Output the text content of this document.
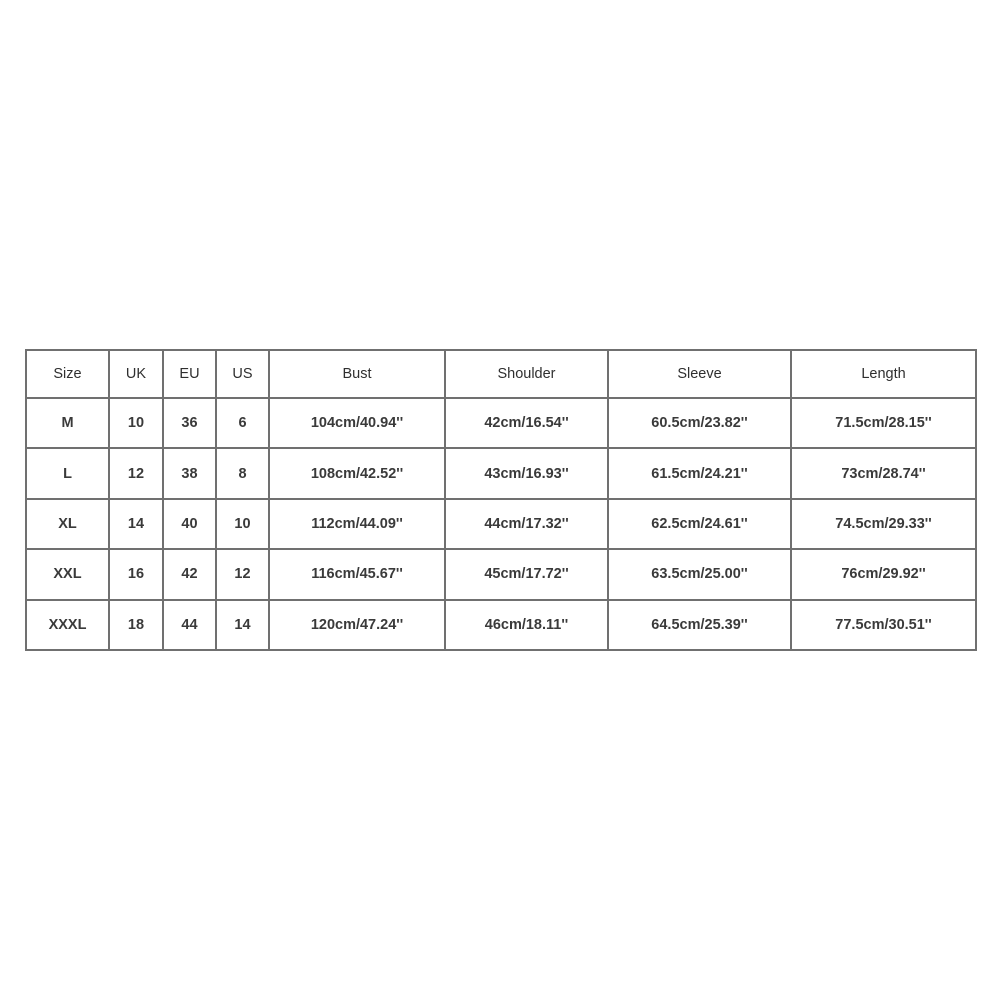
Size	UK	EU	US	Bust	Shoulder	Sleeve	Length
M	10	36	6	104cm/40.94''	42cm/16.54''	60.5cm/23.82''	71.5cm/28.15''
L	12	38	8	108cm/42.52''	43cm/16.93''	61.5cm/24.21''	73cm/28.74''
XL	14	40	10	112cm/44.09''	44cm/17.32''	62.5cm/24.61''	74.5cm/29.33''
XXL	16	42	12	116cm/45.67''	45cm/17.72''	63.5cm/25.00''	76cm/29.92''
XXXL	18	44	14	120cm/47.24''	46cm/18.11''	64.5cm/25.39''	77.5cm/30.51''
